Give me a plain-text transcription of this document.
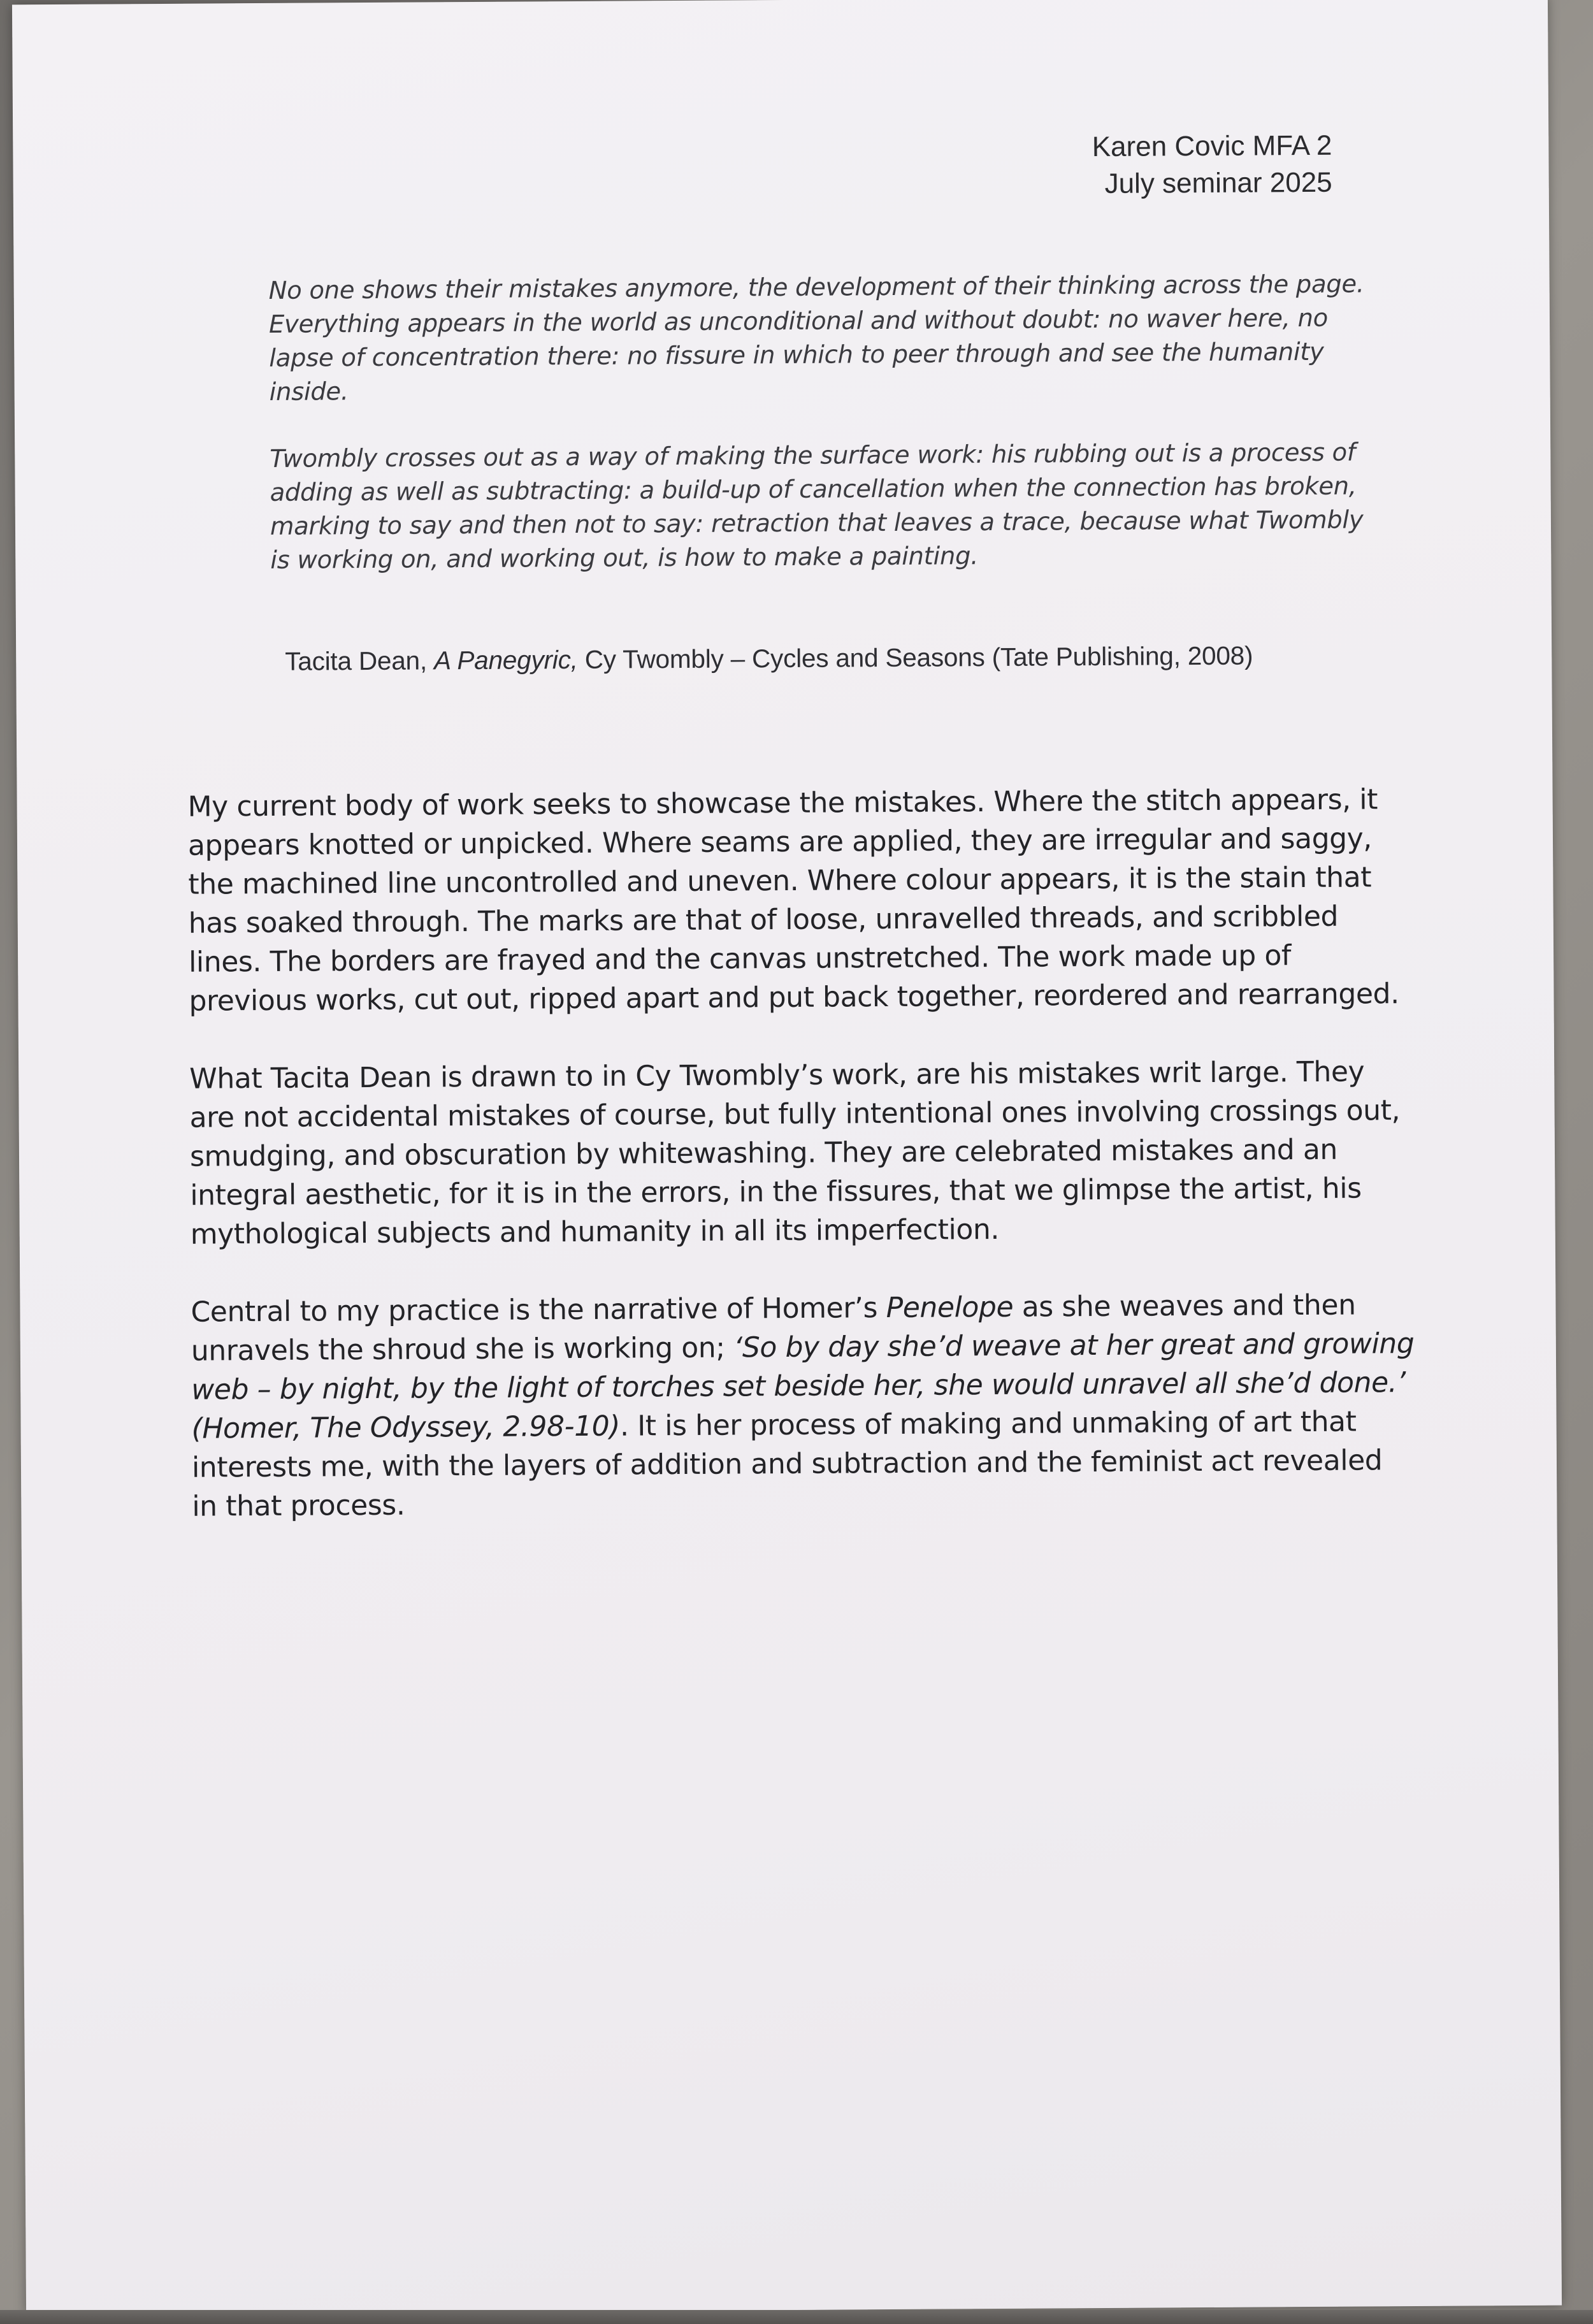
Karen Covic MFA 2
July seminar 2025

No one shows their mistakes anymore, the development of their thinking across the page. Everything appears in the world as unconditional and without doubt: no waver here, no lapse of concentration there: no fissure in which to peer through and see the humanity inside.

Twombly crosses out as a way of making the surface work: his rubbing out is a process of adding as well as subtracting: a build-up of cancellation when the connection has broken, marking to say and then not to say: retraction that leaves a trace, because what Twombly is working on, and working out, is how to make a painting.

Tacita Dean, A Panegyric, Cy Twombly – Cycles and Seasons (Tate Publishing, 2008)

My current body of work seeks to showcase the mistakes. Where the stitch appears, it appears knotted or unpicked. Where seams are applied, they are irregular and saggy, the machined line uncontrolled and uneven. Where colour appears, it is the stain that has soaked through. The marks are that of loose, unravelled threads, and scribbled lines. The borders are frayed and the canvas unstretched. The work made up of previous works, cut out, ripped apart and put back together, reordered and rearranged.

What Tacita Dean is drawn to in Cy Twombly’s work, are his mistakes writ large. They are not accidental mistakes of course, but fully intentional ones involving crossings out, smudging, and obscuration by whitewashing. They are celebrated mistakes and an integral aesthetic, for it is in the errors, in the fissures, that we glimpse the artist, his mythological subjects and humanity in all its imperfection.

Central to my practice is the narrative of Homer’s Penelope as she weaves and then unravels the shroud she is working on; ‘So by day she’d weave at her great and growing web – by night, by the light of torches set beside her, she would unravel all she’d done.’ (Homer, The Odyssey, 2.98-10). It is her process of making and unmaking of art that interests me, with the layers of addition and subtraction and the feminist act revealed in that process.
